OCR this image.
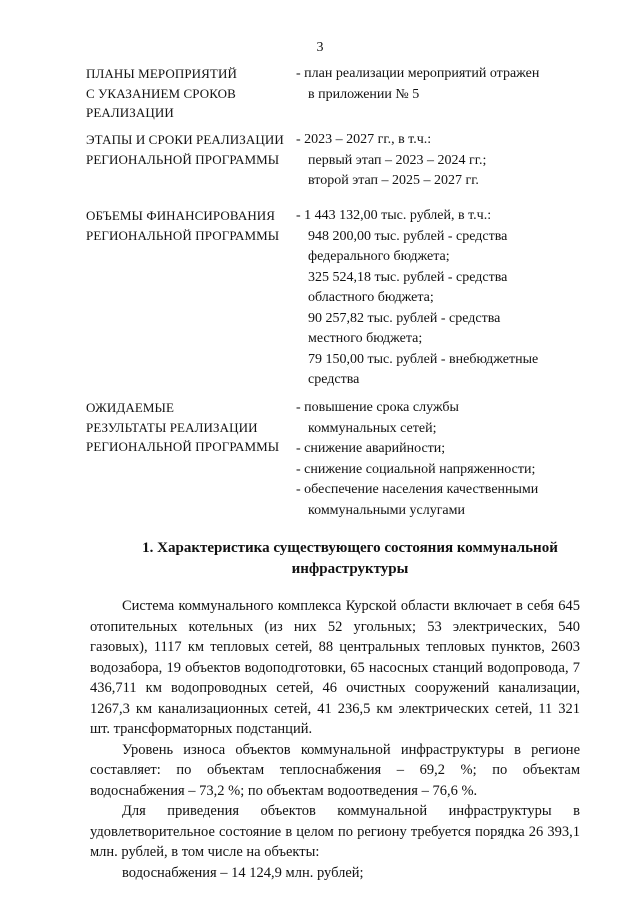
3
ПЛАНЫ МЕРОПРИЯТИЙ
С УКАЗАНИЕМ СРОКОВ
РЕАЛИЗАЦИИ
- план реализации мероприятий отражен
в приложении № 5
ЭТАПЫ И СРОКИ РЕАЛИЗАЦИИ
РЕГИОНАЛЬНОЙ ПРОГРАММЫ
- 2023 – 2027 гг., в т.ч.:
первый этап – 2023 – 2024 гг.;
второй этап – 2025 – 2027 гг.
ОБЪЕМЫ ФИНАНСИРОВАНИЯ
РЕГИОНАЛЬНОЙ ПРОГРАММЫ
- 1 443 132,00 тыс. рублей, в т.ч.:
948 200,00 тыс. рублей - средства
федерального бюджета;
325 524,18 тыс. рублей - средства
областного бюджета;
90 257,82 тыс. рублей - средства
местного бюджета;
79 150,00 тыс. рублей - внебюджетные
средства
ОЖИДАЕМЫЕ
РЕЗУЛЬТАТЫ РЕАЛИЗАЦИИ
РЕГИОНАЛЬНОЙ ПРОГРАММЫ
- повышение срока службы
коммунальных сетей;
- снижение аварийности;
- снижение социальной напряженности;
- обеспечение населения качественными
коммунальными услугами
1. Характеристика существующего состояния коммунальной
инфраструктуры

Система коммунального комплекса Курской области включает в себя 645 отопительных котельных (из них 52 угольных; 53 электрических, 540 газовых), 1117 км тепловых сетей, 88 центральных тепловых пунктов, 2603 водозабора, 19 объектов водоподготовки, 65 насосных станций водопровода, 7 436,711 км водопроводных сетей, 46 очистных сооружений канализации, 1267,3 км канализационных сетей, 41 236,5 км электрических сетей, 11 321 шт. трансформаторных подстанций.

Уровень износа объектов коммунальной инфраструктуры в регионе составляет: по объектам теплоснабжения – 69,2 %; по объектам водоснабжения – 73,2 %; по объектам водоотведения – 76,6 %.

Для приведения объектов коммунальной инфраструктуры в удовлетворительное состояние в целом по региону требуется порядка 26 393,1 млн. рублей, в том числе на объекты:

водоснабжения – 14 124,9 млн. рублей;
